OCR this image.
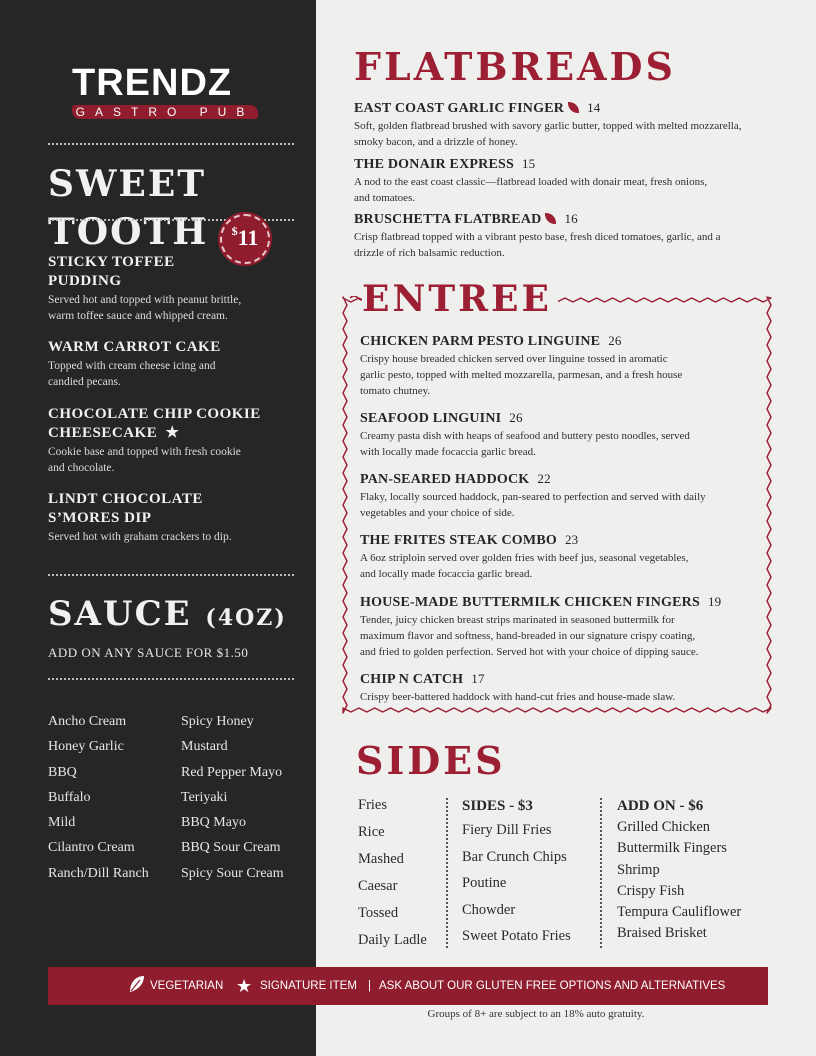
TRENDZ
GASTRO PUB
SWEET TOOTH	$11
STICKY TOFFEE
PUDDING
Served hot and topped with peanut brittle,
warm toffee sauce and whipped cream.
WARM CARROT CAKE
Topped with cream cheese icing and
candied pecans.
CHOCOLATE CHIP COOKIE
CHEESECAKE ★
Cookie base and topped with fresh cookie
and chocolate.
LINDT CHOCOLATE
S’MORES DIP
Served hot with graham crackers to dip.
SAUCE (4OZ)
ADD ON ANY SAUCE FOR $1.50
Ancho Cream
Honey Garlic
BBQ
Buffalo
Mild
Cilantro Cream
Ranch/Dill Ranch
Spicy Honey
Mustard
Red Pepper Mayo
Teriyaki
BBQ Mayo
BBQ Sour Cream
Spicy Sour Cream
FLATBREADS
EAST COAST GARLIC FINGER 14
Soft, golden flatbread brushed with savory garlic butter, topped with melted mozzarella,
smoky bacon, and a drizzle of honey.
THE DONAIR EXPRESS 15
A nod to the east coast classic—flatbread loaded with donair meat, fresh onions,
and tomatoes.
BRUSCHETTA FLATBREAD 16
Crisp flatbread topped with a vibrant pesto base, fresh diced tomatoes, garlic, and a
drizzle of rich balsamic reduction.
ENTREE
CHICKEN PARM PESTO LINGUINE 26
Crispy house breaded chicken served over linguine tossed in aromatic
garlic pesto, topped with melted mozzarella, parmesan, and a fresh house
tomato chutney.
SEAFOOD LINGUINI 26
Creamy pasta dish with heaps of seafood and buttery pesto noodles, served
with locally made focaccia garlic bread.
PAN-SEARED HADDOCK 22
Flaky, locally sourced haddock, pan-seared to perfection and served with daily
vegetables and your choice of side.
THE FRITES STEAK COMBO 23
A 6oz striploin served over golden fries with beef jus, seasonal vegetables,
and locally made focaccia garlic bread.
HOUSE-MADE BUTTERMILK CHICKEN FINGERS 19
Tender, juicy chicken breast strips marinated in seasoned buttermilk for
maximum flavor and softness, hand-breaded in our signature crispy coating,
and fried to golden perfection. Served hot with your choice of dipping sauce.
CHIP N CATCH 17
Crispy beer-battered haddock with hand-cut fries and house-made slaw.
SIDES
Fries
Rice
Mashed
Caesar
Tossed
Daily Ladle
SIDES - $3
Fiery Dill Fries
Bar Crunch Chips
Poutine
Chowder
Sweet Potato Fries
ADD ON - $6
Grilled Chicken
Buttermilk Fingers
Shrimp
Crispy Fish
Tempura Cauliflower
Braised Brisket
VEGETARIAN ★ SIGNATURE ITEM | ASK ABOUT OUR GLUTEN FREE OPTIONS AND ALTERNATIVES
Groups of 8+ are subject to an 18% auto gratuity.
